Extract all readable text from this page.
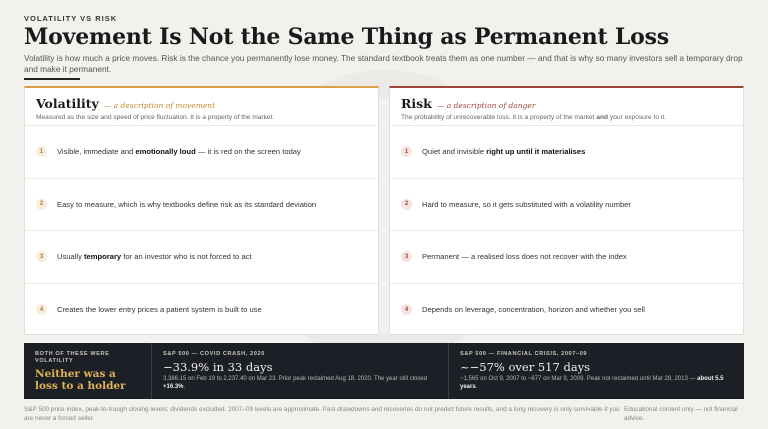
VOLATILITY VS RISK
Movement Is Not the Same Thing as Permanent Loss

Volatility is how much a price moves. Risk is the chance you permanently lose money. The standard textbook treats them as one number — and that is why so many investors sell a temporary drop and make it permanent.

Volatility — a description of movement
Measured as the size and speed of price fluctuation. It is a property of the market.
1	Visible, immediate and emotionally loud — it is red on the screen today
2	Easy to measure, which is why textbooks define risk as its standard deviation
3	Usually temporary for an investor who is not forced to act
4	Creates the lower entry prices a patient system is built to use
Risk — a description of danger
The probability of unrecoverable loss. It is a property of the market and your exposure to it.
1	Quiet and invisible right up until it materialises
2	Hard to measure, so it gets substituted with a volatility number
3	Permanent — a realised loss does not recover with the index
4	Depends on leverage, concentration, horizon and whether you sell
BOTH OF THESE WERE VOLATILITY
Neither was a loss to a holder
S&P 500 — COVID CRASH, 2020
−33.9% in 33 days
3,386.15 on Feb 19 to 2,237.40 on Mar 23. Prior peak reclaimed Aug 18, 2020. The year still closed +16.3%.
S&P 500 — FINANCIAL CRISIS, 2007–09
~−57% over 517 days
~1,565 on Oct 9, 2007 to ~677 on Mar 9, 2009. Peak not reclaimed until Mar 28, 2013 — about 5.5 years.
S&P 500 price index, peak-to-trough closing levels; dividends excluded. 2007–09 levels are approximate. Past drawdowns and recoveries do not predict future results, and a long recovery is only survivable if you are never a forced seller.
Educational content only — not financial advice.
